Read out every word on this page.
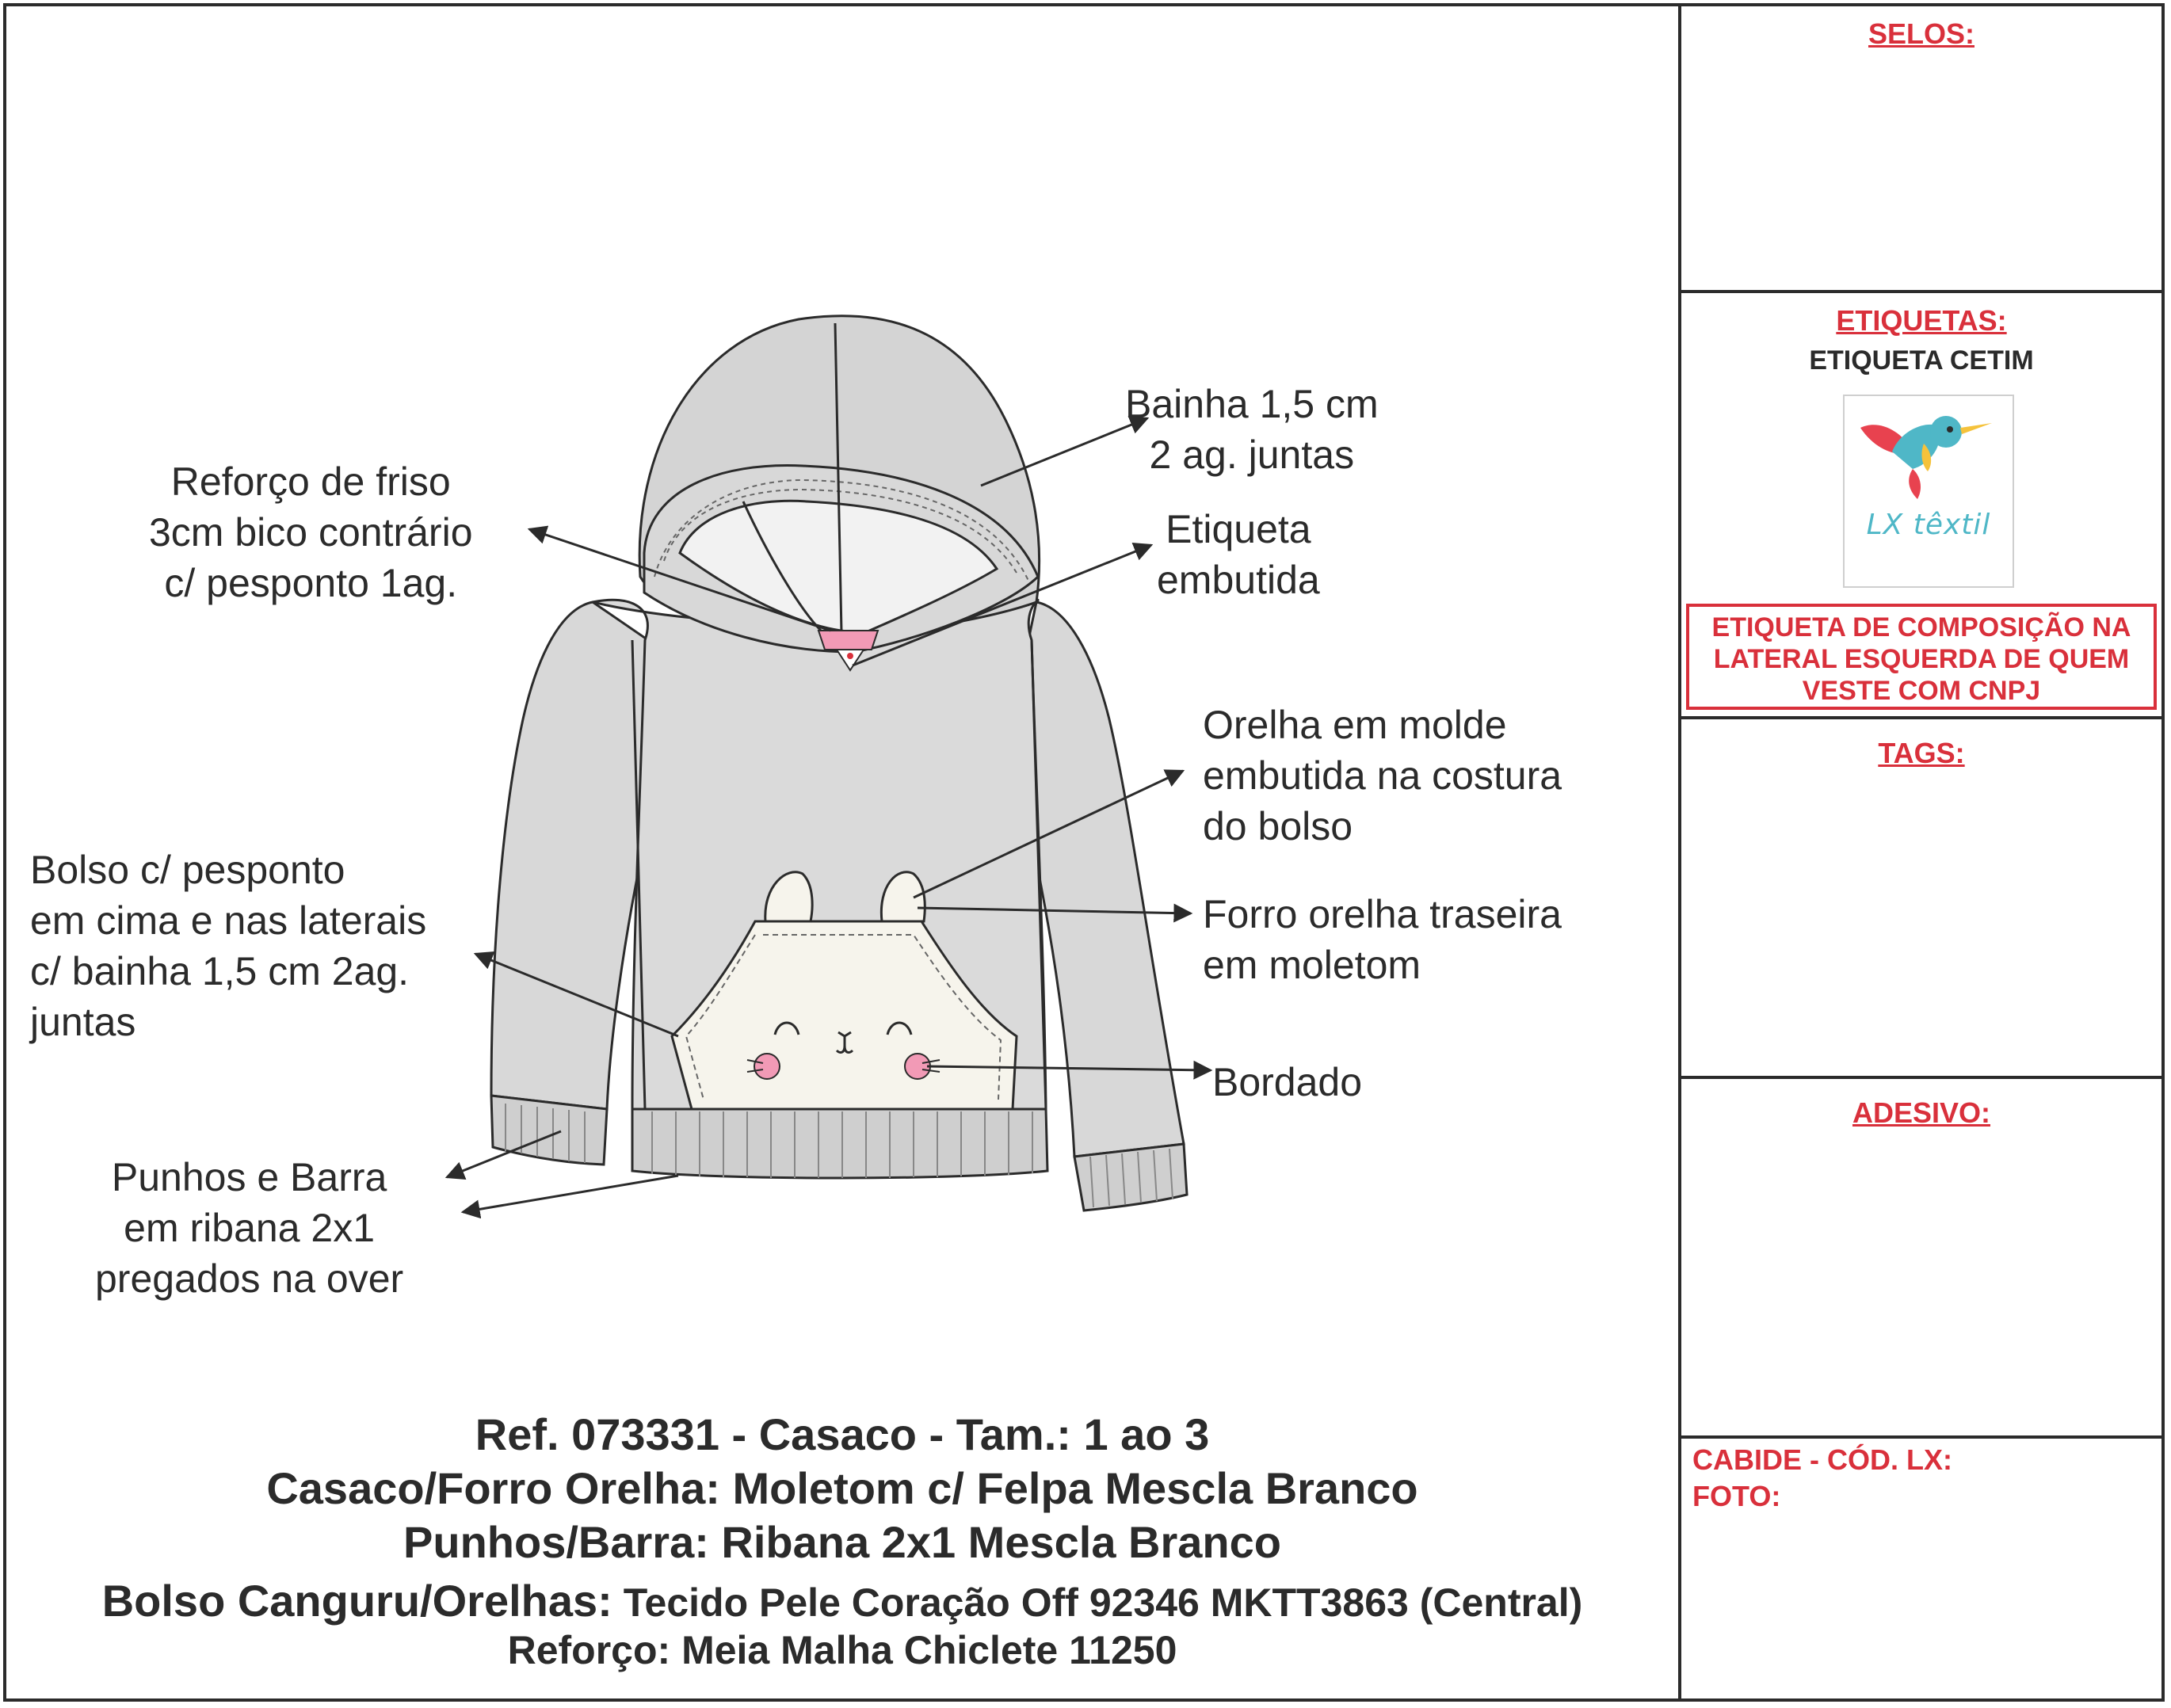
Reforço de friso
3cm bico contrário
c/ pesponto 1ag.
Bainha 1,5 cm
2 ag. juntas
Etiqueta
embutida
Orelha em molde
embutida na costura
do bolso
Forro orelha traseira
em moletom
Bolso c/ pesponto
em cima e nas laterais
c/ bainha 1,5 cm 2ag.
juntas
Bordado
Punhos e Barra
em ribana 2x1
pregados na over
Ref. 073331 - Casaco - Tam.: 1 ao 3
Casaco/Forro Orelha: Moletom c/ Felpa Mescla Branco
Punhos/Barra: Ribana 2x1 Mescla Branco
Bolso Canguru/Orelhas: Tecido Pele Coração Off 92346 MKTT3863 (Central)
Reforço: Meia Malha Chiclete 11250
SELOS:
ETIQUETAS:
ETIQUETA CETIM
LX têxtil
ETIQUETA DE COMPOSIÇÃO NA
LATERAL ESQUERDA DE QUEM
VESTE COM CNPJ
TAGS:
ADESIVO:
CABIDE - CÓD. LX:
FOTO:
